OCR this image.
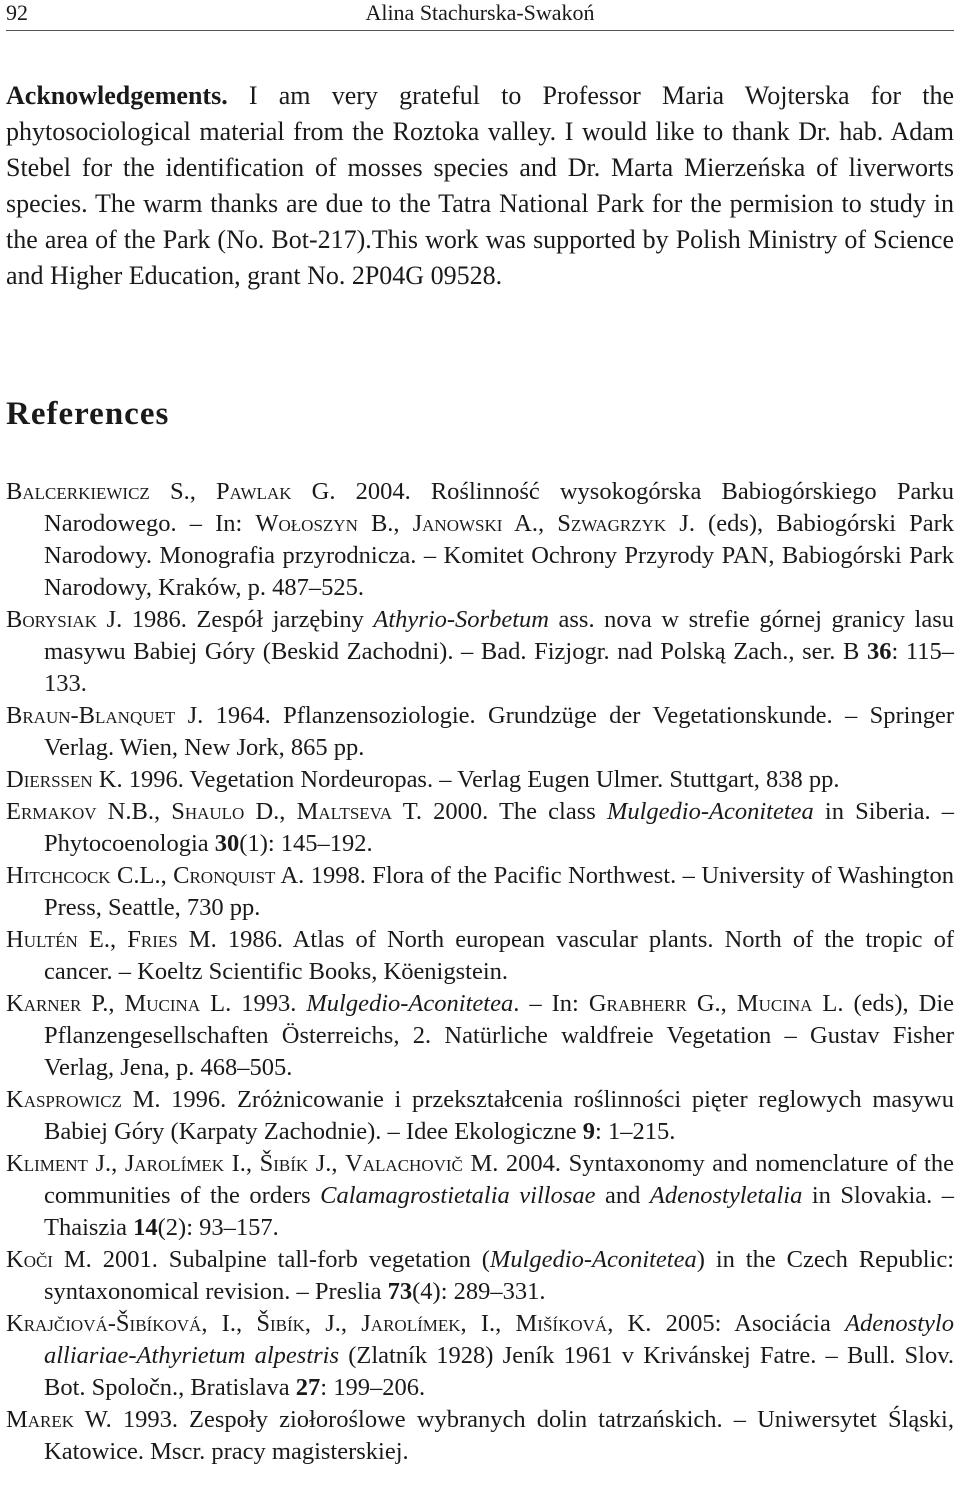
92	Alina Stachurska-Swakoń

Acknowledgements. I am very grateful to Professor Maria Wojterska for the phytosociological material from the Roztoka valley. I would like to thank Dr. hab. Adam Stebel for the identification of mosses species and Dr. Marta Mierzeńska of liverworts species. The warm thanks are due to the Tatra National Park for the permision to study in the area of the Park (No. Bot-217).This work was supported by Polish Ministry of Science and Higher Education, grant No. 2P04G 09528.

References

Balcerkiewicz S., Pawlak G. 2004. Roślinność wysokogórska Babiogórskiego Parku Narodowego. – In: Wołoszyn B., Janowski A., Szwagrzyk J. (eds), Babiogórski Park Narodowy. Monografia przyrodnicza. – Komitet Ochrony Przyrody PAN, Babiogórski Park Narodowy, Kraków, p. 487–525.

Borysiak J. 1986. Zespół jarzębiny Athyrio-Sorbetum ass. nova w strefie górnej granicy lasu masywu Babiej Góry (Beskid Zachodni). – Bad. Fizjogr. nad Polską Zach., ser. B 36: 115–133.

Braun-Blanquet J. 1964. Pflanzensoziologie. Grundzüge der Vegetationskunde. – Springer Verlag. Wien, New Jork, 865 pp.

Dierssen K. 1996. Vegetation Nordeuropas. – Verlag Eugen Ulmer. Stuttgart, 838 pp.

Ermakov N.B., Shaulo D., Maltseva T. 2000. The class Mulgedio-Aconitetea in Siberia. – Phytocoenologia 30(1): 145–192.

Hitchcock C.L., Cronquist A. 1998. Flora of the Pacific Northwest. – University of Washington Press, Seattle, 730 pp.

Hultén E., Fries M. 1986. Atlas of North european vascular plants. North of the tropic of cancer. – Koeltz Scientific Books, Köenigstein.

Karner P., Mucina L. 1993. Mulgedio-Aconitetea. – In: Grabherr G., Mucina L. (eds), Die Pflanzengesellschaften Österreichs, 2. Natürliche waldfreie Vegetation – Gustav Fisher Verlag, Jena, p. 468–505.

Kasprowicz M. 1996. Zróżnicowanie i przekształcenia roślinności pięter reglowych masywu Babiej Góry (Karpaty Zachodnie). – Idee Ekologiczne 9: 1–215.

Kliment J., Jarolímek I., Šibík J., Valachovič M. 2004. Syntaxonomy and nomenclature of the communities of the orders Calamagrostietalia villosae and Adenostyletalia in Slovakia. – Thaiszia 14(2): 93–157.

Koči M. 2001. Subalpine tall-forb vegetation (Mulgedio-Aconitetea) in the Czech Republic: syntaxonomical revision. – Preslia 73(4): 289–331.

Krajčiová-Šibíková, I., Šibík, J., Jarolímek, I., Mišíková, K. 2005: Asociácia Adenostylo alliariae-Athyrietum alpestris (Zlatník 1928) Jeník 1961 v Krivánskej Fatre. – Bull. Slov. Bot. Spoločn., Bratislava 27: 199–206.

Marek W. 1993. Zespoły ziołoroślowe wybranych dolin tatrzańskich. – Uniwersytet Śląski, Katowice. Mscr. pracy magisterskiej.
